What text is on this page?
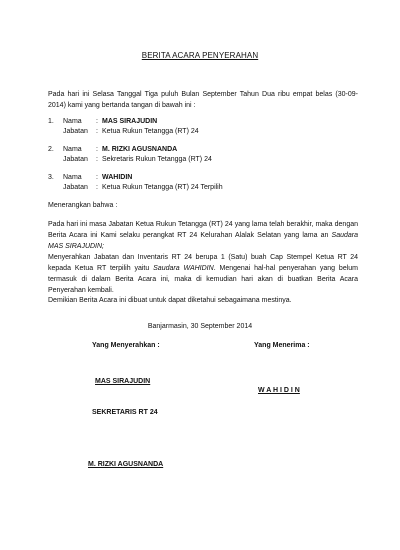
BERITA ACARA PENYERAHAN
Pada hari ini Selasa Tanggal Tiga puluh Bulan September Tahun Dua ribu empat belas (30-09-2014) kami yang bertanda tangan di bawah ini :
1. Nama : MAS SIRAJUDIN
Jabatan : Ketua Rukun Tetangga (RT) 24
2. Nama : M. RIZKI AGUSNANDA
Jabatan : Sekretaris Rukun Tetangga (RT) 24
3. Nama : WAHIDIN
Jabatan : Ketua Rukun Tetangga (RT) 24 Terpilih
Menerangkan bahwa :
Pada hari ini masa Jabatan Ketua Rukun Tetangga (RT) 24 yang lama telah berakhir, maka dengan Berita Acara ini Kami selaku perangkat RT 24 Kelurahan Alalak Selatan yang lama an Saudara MAS SIRAJUDIN;
Menyerahkan Jabatan dan Inventaris RT 24 berupa 1 (Satu) buah Cap Stempel Ketua RT 24 kepada Ketua RT terpilih yaitu Saudara WAHIDIN. Mengenai hal-hal penyerahan yang belum termasuk di dalam Berita Acara ini, maka di kemudian hari akan di buatkan Berita Acara Penyerahan kembali.
Demikian Berita Acara ini dibuat untuk dapat diketahui sebagaimana mestinya.
Banjarmasin, 30 September 2014
Yang Menyerahkan :	Yang Menerima :
MAS SIRAJUDIN
W A H I D I N
SEKRETARIS RT 24
M. RIZKI AGUSNANDA
